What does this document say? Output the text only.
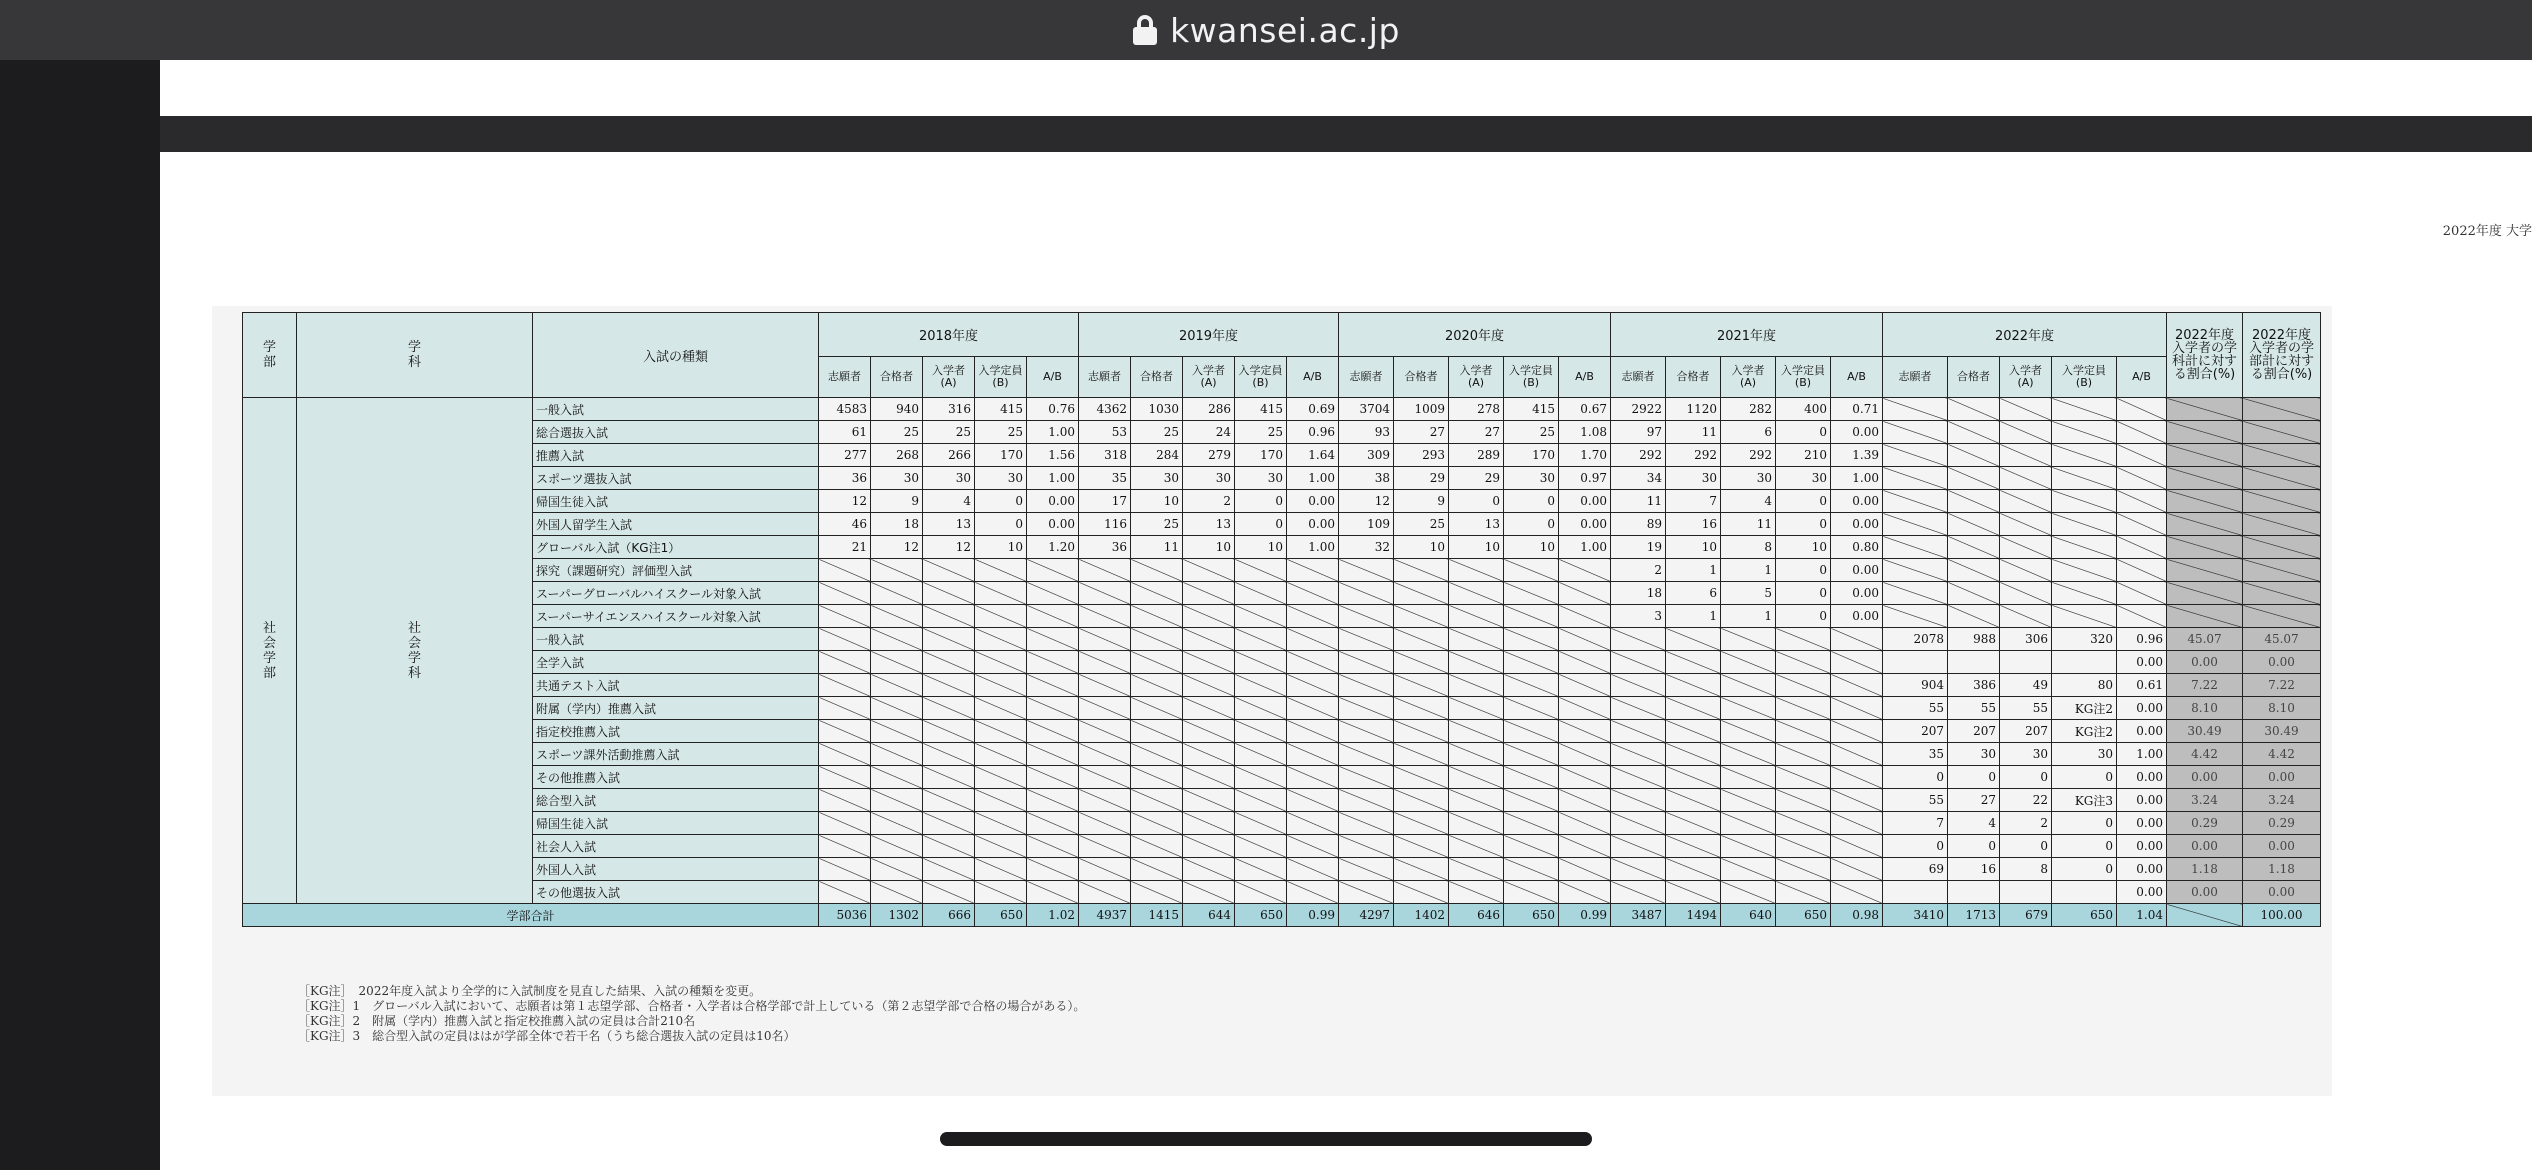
kwansei.ac.jp
2022年度 大学
学部	学科	入試の種類	2018年度					2019年度					2020年度					2021年度					2022年度					2022年度入学者の学科計に対する割合(%)	2022年度入学者の学部計に対する割合(%)
			志願者	合格者	入学者(A)	入学定員(B)	A/B	志願者	合格者	入学者(A)	入学定員(B)	A/B	志願者	合格者	入学者(A)	入学定員(B)	A/B	志願者	合格者	入学者(A)	入学定員(B)	A/B	志願者	合格者	入学者(A)	入学定員(B)	A/B		
社会学部	社会学科	一般入試	4583	940	316	415	0.76	4362	1030	286	415	0.69	3704	1009	278	415	0.67	2922	1120	282	400	0.71							
		総合選抜入試	61	25	25	25	1.00	53	25	24	25	0.96	93	27	27	25	1.08	97	11	6	0	0.00							
		推薦入試	277	268	266	170	1.56	318	284	279	170	1.64	309	293	289	170	1.70	292	292	292	210	1.39							
		スポーツ選抜入試	36	30	30	30	1.00	35	30	30	30	1.00	38	29	29	30	0.97	34	30	30	30	1.00							
		帰国生徒入試	12	9	4	0	0.00	17	10	2	0	0.00	12	9	0	0	0.00	11	7	4	0	0.00							
		外国人留学生入試	46	18	13	0	0.00	116	25	13	0	0.00	109	25	13	0	0.00	89	16	11	0	0.00							
		グローバル入試（KG注1）	21	12	12	10	1.20	36	11	10	10	1.00	32	10	10	10	1.00	19	10	8	10	0.80							
		探究（課題研究）評価型入試																2	1	1	0	0.00							
		スーパーグローバルハイスクール対象入試																18	6	5	0	0.00							
		スーパーサイエンスハイスクール対象入試																3	1	1	0	0.00							
		一般入試																					2078	988	306	320	0.96	45.07	45.07
		全学入試																									0.00	0.00	0.00
		共通テスト入試																					904	386	49	80	0.61	7.22	7.22
		附属（学内）推薦入試																					55	55	55	KG注2	0.00	8.10	8.10
		指定校推薦入試																					207	207	207	KG注2	0.00	30.49	30.49
		スポーツ課外活動推薦入試																					35	30	30	30	1.00	4.42	4.42
		その他推薦入試																					0	0	0	0	0.00	0.00	0.00
		総合型入試																					55	27	22	KG注3	0.00	3.24	3.24
		帰国生徒入試																					7	4	2	0	0.00	0.29	0.29
		社会人入試																					0	0	0	0	0.00	0.00	0.00
		外国人入試																					69	16	8	0	0.00	1.18	1.18
		その他選抜入試																									0.00	0.00	0.00
学部合計			5036	1302	666	650	1.02	4937	1415	644	650	0.99	4297	1402	646	650	0.99	3487	1494	640	650	0.98	3410	1713	679	650	1.04		100.00
［KG注］　2022年度入試より全学的に入試制度を見直した結果、入試の種類を変更。
［KG注］1　グローバル入試において、志願者は第１志望学部、合格者・入学者は合格学部で計上している（第２志望学部で合格の場合がある）。
［KG注］2　附属（学内）推薦入試と指定校推薦入試の定員は合計210名
［KG注］3　総合型入試の定員ははが学部全体で若干名（うち総合選抜入試の定員は10名）
